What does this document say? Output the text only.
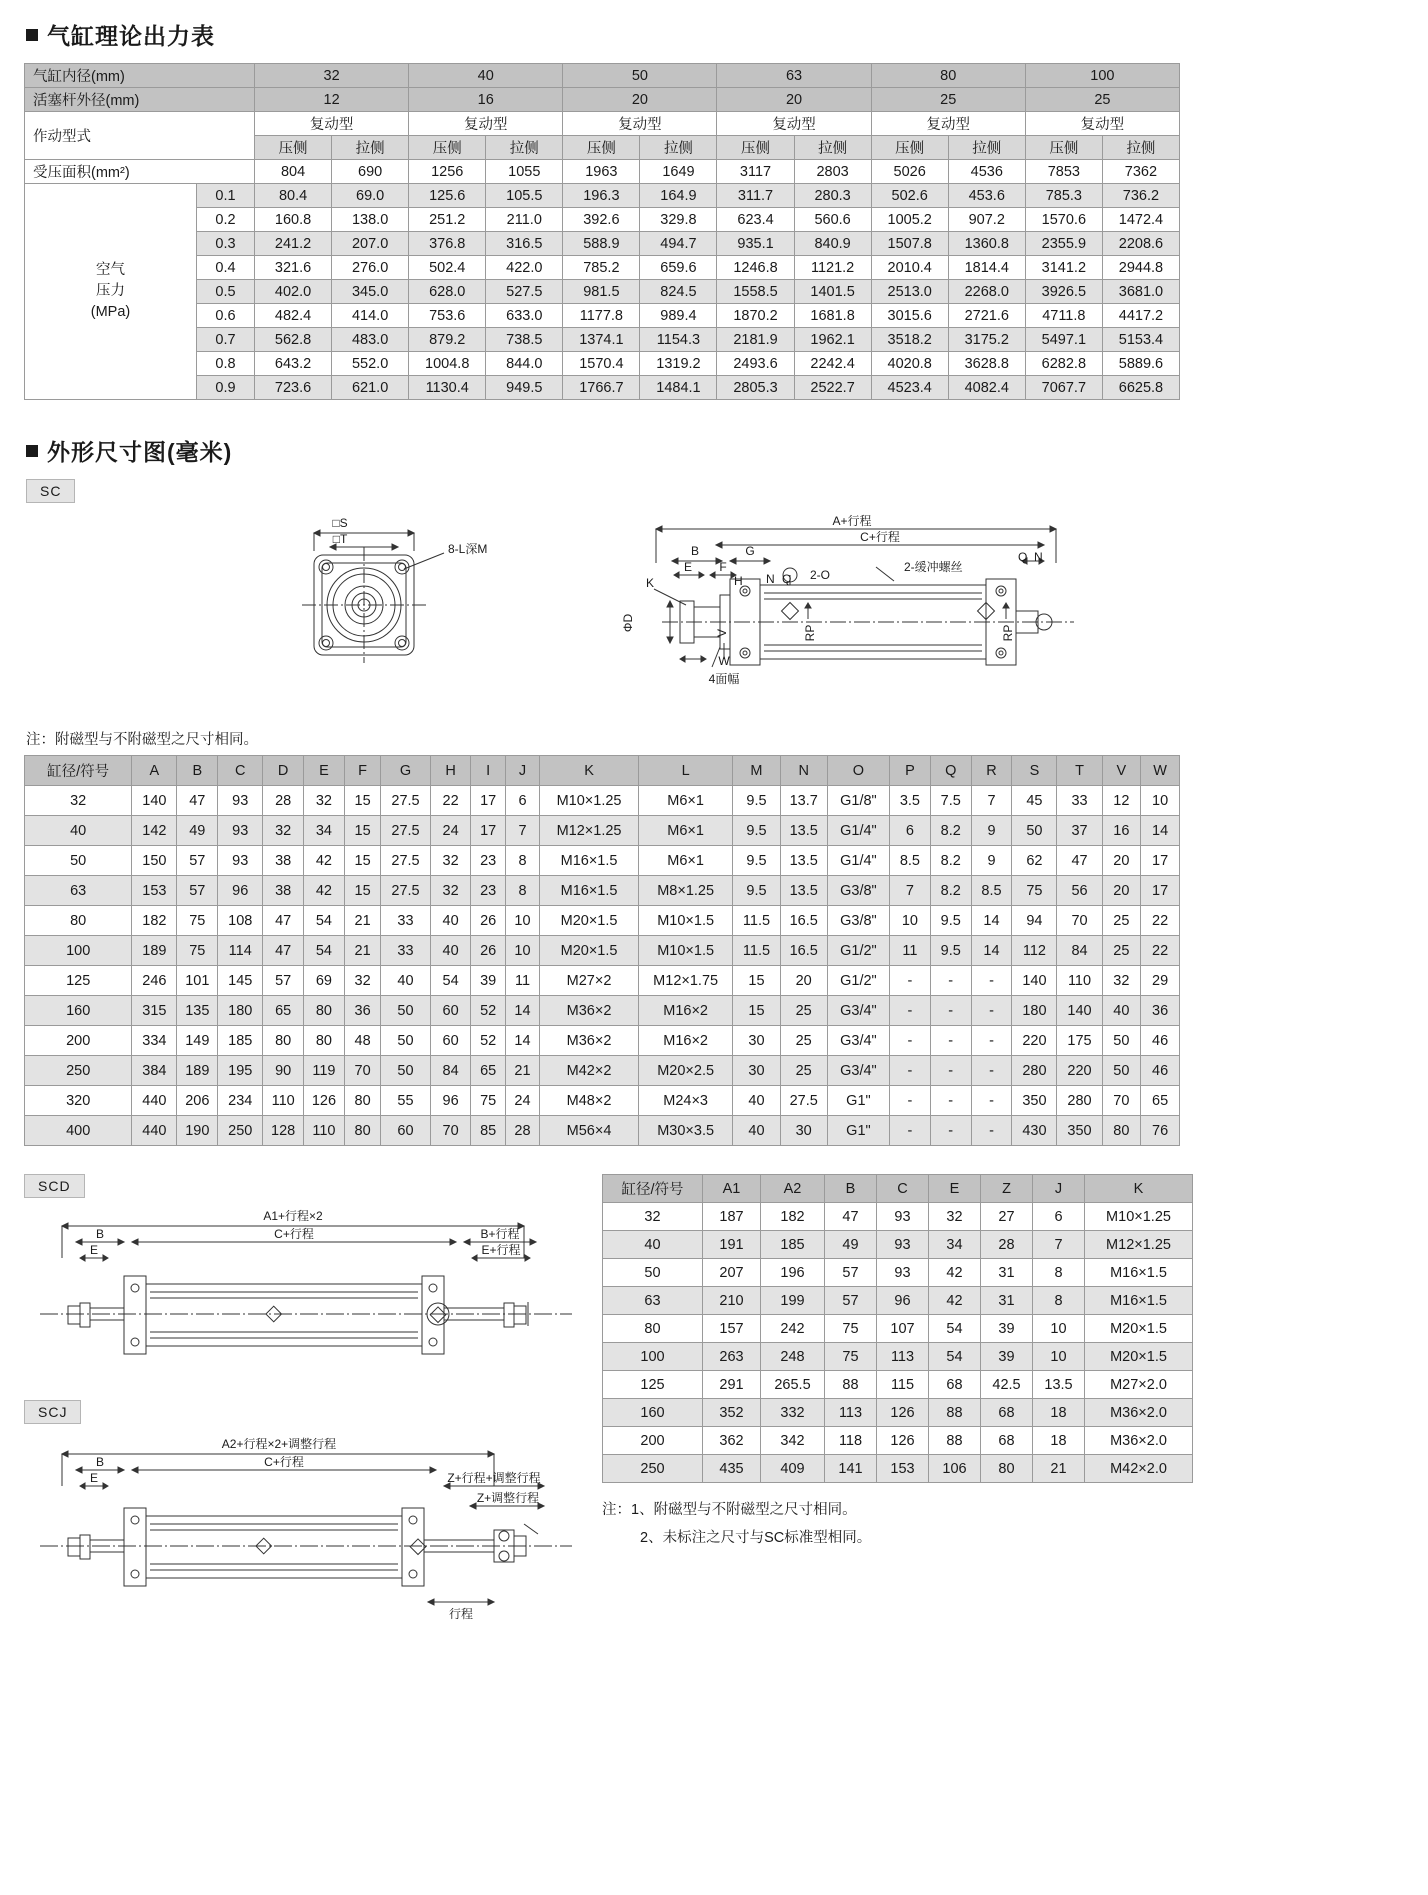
气缸理论出力表
气缸内径(mm)		32		40		50		63		80		100	
活塞杆外径(mm)		12		16		20		20		25		25	
作动型式		复动型		复动型		复动型		复动型		复动型		复动型	
		压侧	拉侧	压侧	拉侧	压侧	拉侧	压侧	拉侧	压侧	拉侧	压侧	拉侧
受压面积(mm²)		804	690	1256	1055	1963	1649	3117	2803	5026	4536	7853	7362
空气
压力
(MPa)	0.1	80.4	69.0	125.6	105.5	196.3	164.9	311.7	280.3	502.6	453.6	785.3	736.2
	0.2	160.8	138.0	251.2	211.0	392.6	329.8	623.4	560.6	1005.2	907.2	1570.6	1472.4
	0.3	241.2	207.0	376.8	316.5	588.9	494.7	935.1	840.9	1507.8	1360.8	2355.9	2208.6
	0.4	321.6	276.0	502.4	422.0	785.2	659.6	1246.8	1121.2	2010.4	1814.4	3141.2	2944.8
	0.5	402.0	345.0	628.0	527.5	981.5	824.5	1558.5	1401.5	2513.0	2268.0	3926.5	3681.0
	0.6	482.4	414.0	753.6	633.0	1177.8	989.4	1870.2	1681.8	3015.6	2721.6	4711.8	4417.2
	0.7	562.8	483.0	879.2	738.5	1374.1	1154.3	2181.9	1962.1	3518.2	3175.2	5497.1	5153.4
	0.8	643.2	552.0	1004.8	844.0	1570.4	1319.2	2493.6	2242.4	4020.8	3628.8	6282.8	5889.6
	0.9	723.6	621.0	1130.4	949.5	1766.7	1484.1	2805.3	2522.7	4523.4	4082.4	7067.7	6625.8
外形尺寸图(毫米)
SC
□S
□T
8-L深M
A+行程
C+行程
B	G
E F
H N Q
K
2-O
2-缓冲螺丝
Q N
ΦD
W
4面幅
V	RP	RP
注：附磁型与不附磁型之尺寸相同。
缸径/符号	A	B	C	D	E	F	G	H	I	J	K	L	M	N	O	P	Q	R	S	T	V	W
32	140	47	93	28	32	15	27.5	22	17	6	M10×1.25	M6×1	9.5	13.7	G1/8"	3.5	7.5	7	45	33	12	10
40	142	49	93	32	34	15	27.5	24	17	7	M12×1.25	M6×1	9.5	13.5	G1/4"	6	8.2	9	50	37	16	14
50	150	57	93	38	42	15	27.5	32	23	8	M16×1.5	M6×1	9.5	13.5	G1/4"	8.5	8.2	9	62	47	20	17
63	153	57	96	38	42	15	27.5	32	23	8	M16×1.5	M8×1.25	9.5	13.5	G3/8"	7	8.2	8.5	75	56	20	17
80	182	75	108	47	54	21	33	40	26	10	M20×1.5	M10×1.5	11.5	16.5	G3/8"	10	9.5	14	94	70	25	22
100	189	75	114	47	54	21	33	40	26	10	M20×1.5	M10×1.5	11.5	16.5	G1/2"	11	9.5	14	112	84	25	22
125	246	101	145	57	69	32	40	54	39	11	M27×2	M12×1.75	15	20	G1/2"	-	-	-	140	110	32	29
160	315	135	180	65	80	36	50	60	52	14	M36×2	M16×2	15	25	G3/4"	-	-	-	180	140	40	36
200	334	149	185	80	80	48	50	60	52	14	M36×2	M16×2	30	25	G3/4"	-	-	-	220	175	50	46
250	384	189	195	90	119	70	50	84	65	21	M42×2	M20×2.5	30	25	G3/4"	-	-	-	280	220	50	46
320	440	206	234	110	126	80	55	96	75	24	M48×2	M24×3	40	27.5	G1"	-	-	-	350	280	70	65
400	440	190	250	128	110	80	60	70	85	28	M56×4	M30×3.5	40	30	G1"	-	-	-	430	350	80	76
SCD
A1+行程×2
C+行程
B
E
B+行程
E+行程
SCJ
A2+行程×2+调整行程
C+行程
B
E	Z+行程+调整行程
Z+调整行程
行程
缸径/符号	A1	A2	B	C	E	Z	J	K
32	187	182	47	93	32	27	6	M10×1.25
40	191	185	49	93	34	28	7	M12×1.25
50	207	196	57	93	42	31	8	M16×1.5
63	210	199	57	96	42	31	8	M16×1.5
80	157	242	75	107	54	39	10	M20×1.5
100	263	248	75	113	54	39	10	M20×1.5
125	291	265.5	88	115	68	42.5	13.5	M27×2.0
160	352	332	113	126	88	68	18	M36×2.0
200	362	342	118	126	88	68	18	M36×2.0
250	435	409	141	153	106	80	21	M42×2.0
注：1、附磁型与不附磁型之尺寸相同。
2、未标注之尺寸与SC标准型相同。
